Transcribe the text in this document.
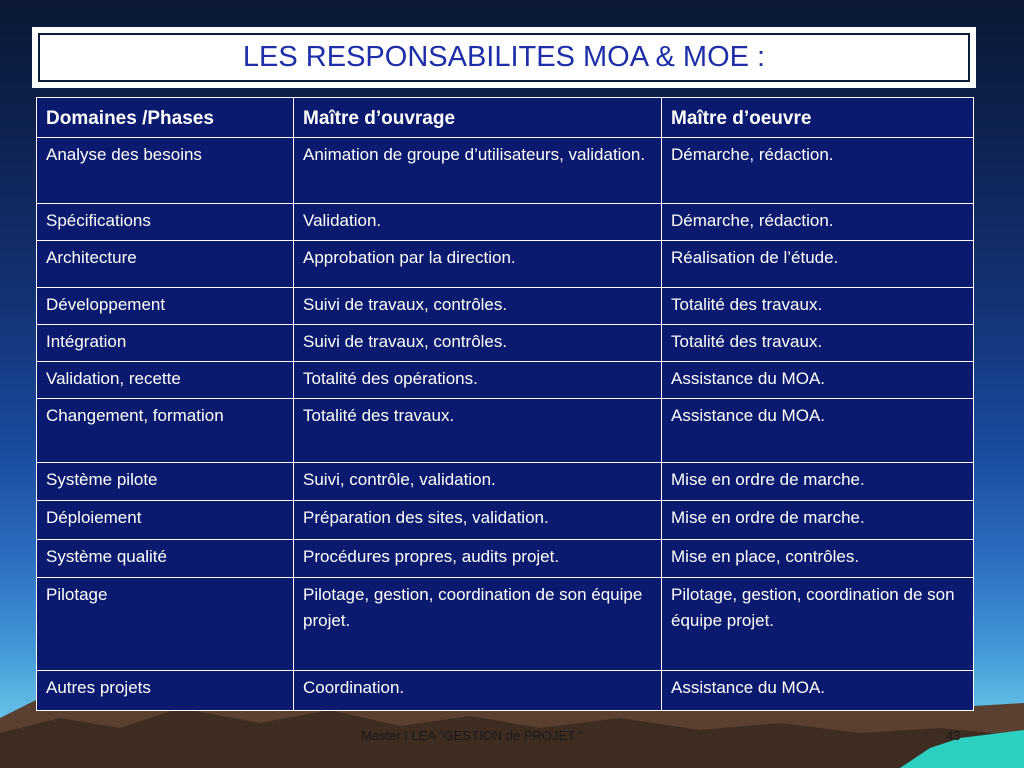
LES RESPONSABILITES MOA & MOE :
Domaines /Phases	Maître d’ouvrage	Maître d’oeuvre
Analyse des besoins	Animation de groupe d’utilisateurs, validation.	Démarche, rédaction.
Spécifications	Validation.	Démarche, rédaction.
Architecture	Approbation par la direction.	Réalisation de l’étude.
Développement	Suivi de travaux, contrôles.	Totalité des travaux.
Intégration	Suivi de travaux, contrôles.	Totalité des travaux.
Validation, recette	Totalité des opérations.	Assistance du MOA.
Changement, formation	Totalité des travaux.	Assistance du MOA.
Système pilote	Suivi, contrôle, validation.	Mise en ordre de marche.
Déploiement	Préparation des sites, validation.	Mise en ordre de marche.
Système qualité	Procédures propres, audits projet.	Mise en place, contrôles.
Pilotage	Pilotage, gestion, coordination de son équipe projet.	Pilotage, gestion, coordination de son équipe projet.
Autres projets	Coordination.	Assistance du MOA.
Master I LEA "GESTION de PROJET "	43
